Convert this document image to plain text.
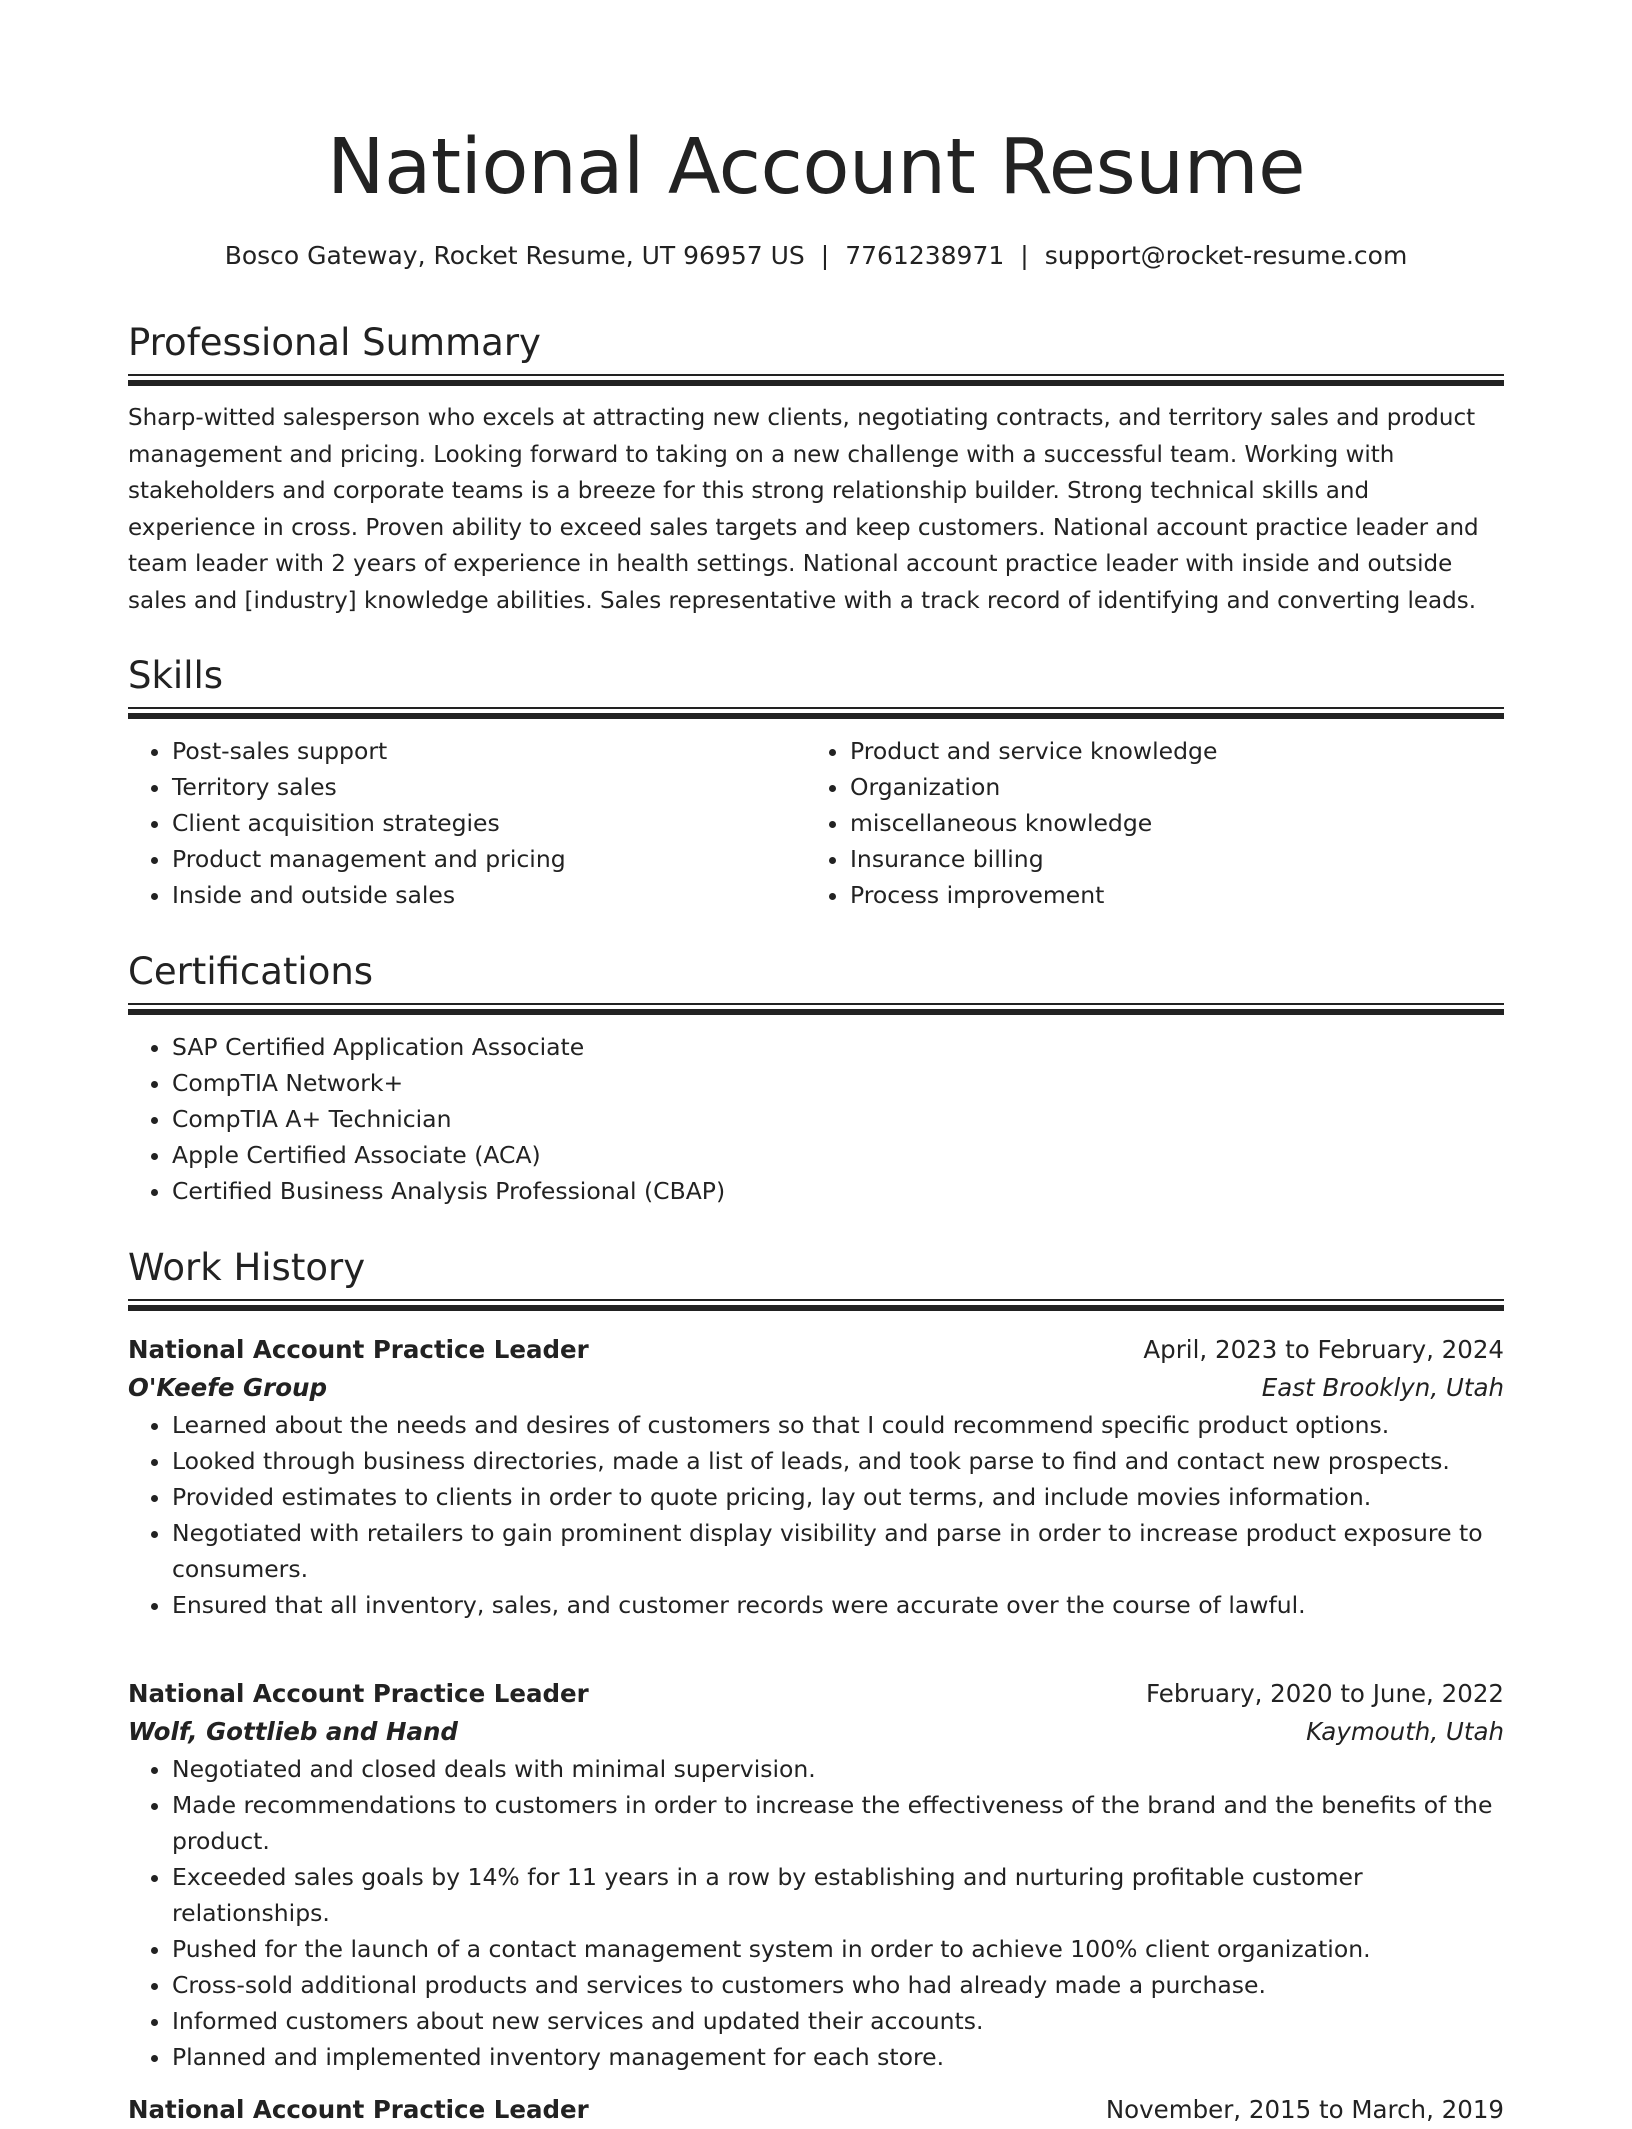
National Account Resume
Bosco Gateway, Rocket Resume, UT 96957 US | 7761238971 | support@rocket-resume.com
Professional Summary

Sharp-witted salesperson who excels at attracting new clients, negotiating contracts, and territory sales and product
management and pricing. Looking forward to taking on a new challenge with a successful team. Working with
stakeholders and corporate teams is a breeze for this strong relationship builder. Strong technical skills and
experience in cross. Proven ability to exceed sales targets and keep customers. National account practice leader and
team leader with 2 years of experience in health settings. National account practice leader with inside and outside
sales and [industry] knowledge abilities. Sales representative with a track record of identifying and converting leads.

Skills
• Post-sales support
• Territory sales
• Client acquisition strategies
• Product management and pricing
• Inside and outside sales
• Product and service knowledge
• Organization
• miscellaneous knowledge
• Insurance billing
• Process improvement
Certifications
• SAP Certified Application Associate
• CompTIA Network+
• CompTIA A+ Technician
• Apple Certified Associate (ACA)
• Certified Business Analysis Professional (CBAP)
Work History
National Account Practice Leader	April, 2023 to February, 2024
O'Keefe Group	East Brooklyn, Utah
• Learned about the needs and desires of customers so that I could recommend specific product options.
• Looked through business directories, made a list of leads, and took parse to find and contact new prospects.
• Provided estimates to clients in order to quote pricing, lay out terms, and include movies information.
• Negotiated with retailers to gain prominent display visibility and parse in order to increase product exposure to consumers.
• Ensured that all inventory, sales, and customer records were accurate over the course of lawful.
National Account Practice Leader	February, 2020 to June, 2022
Wolf, Gottlieb and Hand	Kaymouth, Utah
• Negotiated and closed deals with minimal supervision.
• Made recommendations to customers in order to increase the effectiveness of the brand and the benefits of the product.
• Exceeded sales goals by 14% for 11 years in a row by establishing and nurturing profitable customer relationships.
• Pushed for the launch of a contact management system in order to achieve 100% client organization.
• Cross-sold additional products and services to customers who had already made a purchase.
• Informed customers about new services and updated their accounts.
• Planned and implemented inventory management for each store.
National Account Practice Leader	November, 2015 to March, 2019
